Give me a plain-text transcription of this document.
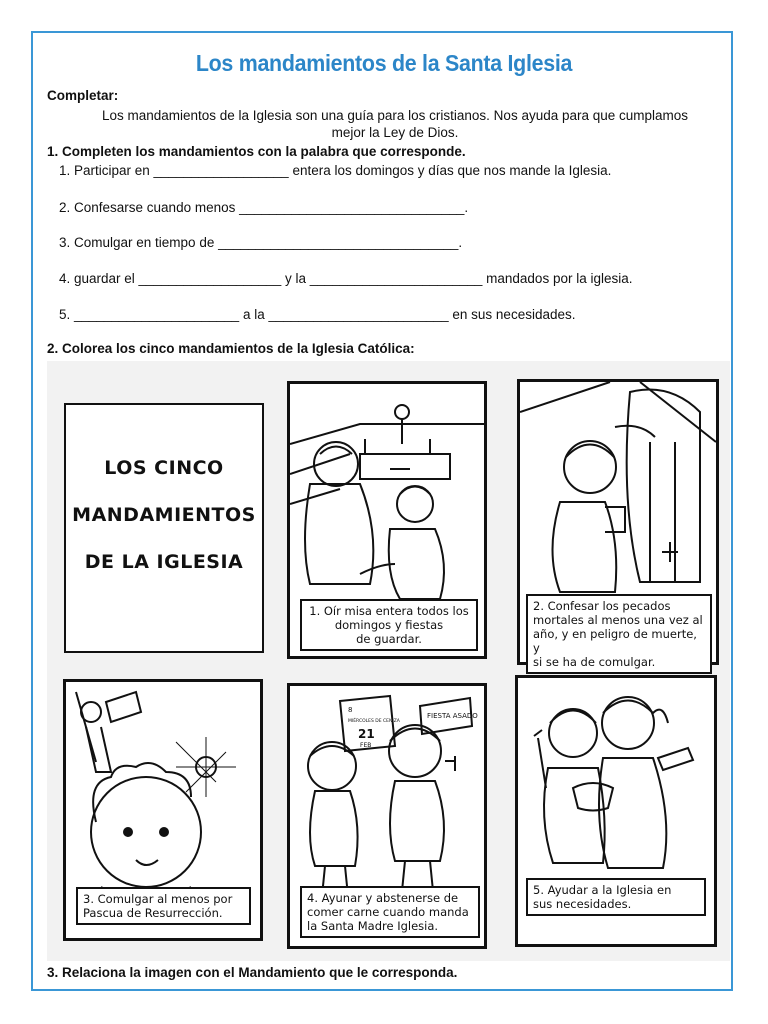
Los mandamientos de la Santa Iglesia
Completar:
Los mandamientos de la Iglesia son una guía para los cristianos. Nos ayuda para que cumplamos
mejor la Ley de Dios.
1. Completen los mandamientos con la palabra que corresponde.
1. Participar en __________________ entera los domingos y días que nos mande la Iglesia.
2. Confesarse cuando menos ______________________________.
3. Comulgar en tiempo de ________________________________.
4. guardar el ___________________ y la _______________________ mandados por la iglesia.
5. ______________________ a la ________________________ en sus necesidades.
2. Colorea los cinco mandamientos de la Iglesia Católica:
LOS CINCO
MANDAMIENTOS
DE LA IGLESIA
1. Oír misa entera todos los
domingos y fiestas
de guardar.
2. Confesar los pecados
mortales al menos una vez al
año, y en peligro de muerte, y
si se ha de comulgar.
3. Comulgar al menos por
Pascua de Resurrección.
8
MIÉRCOLES DE CENIZA
21
FEB
FIESTA ASADO
4. Ayunar y abstenerse de
comer carne cuando manda
la Santa Madre Iglesia.
5. Ayudar a la Iglesia en
sus necesidades.
3. Relaciona la imagen con el Mandamiento que le corresponda.
